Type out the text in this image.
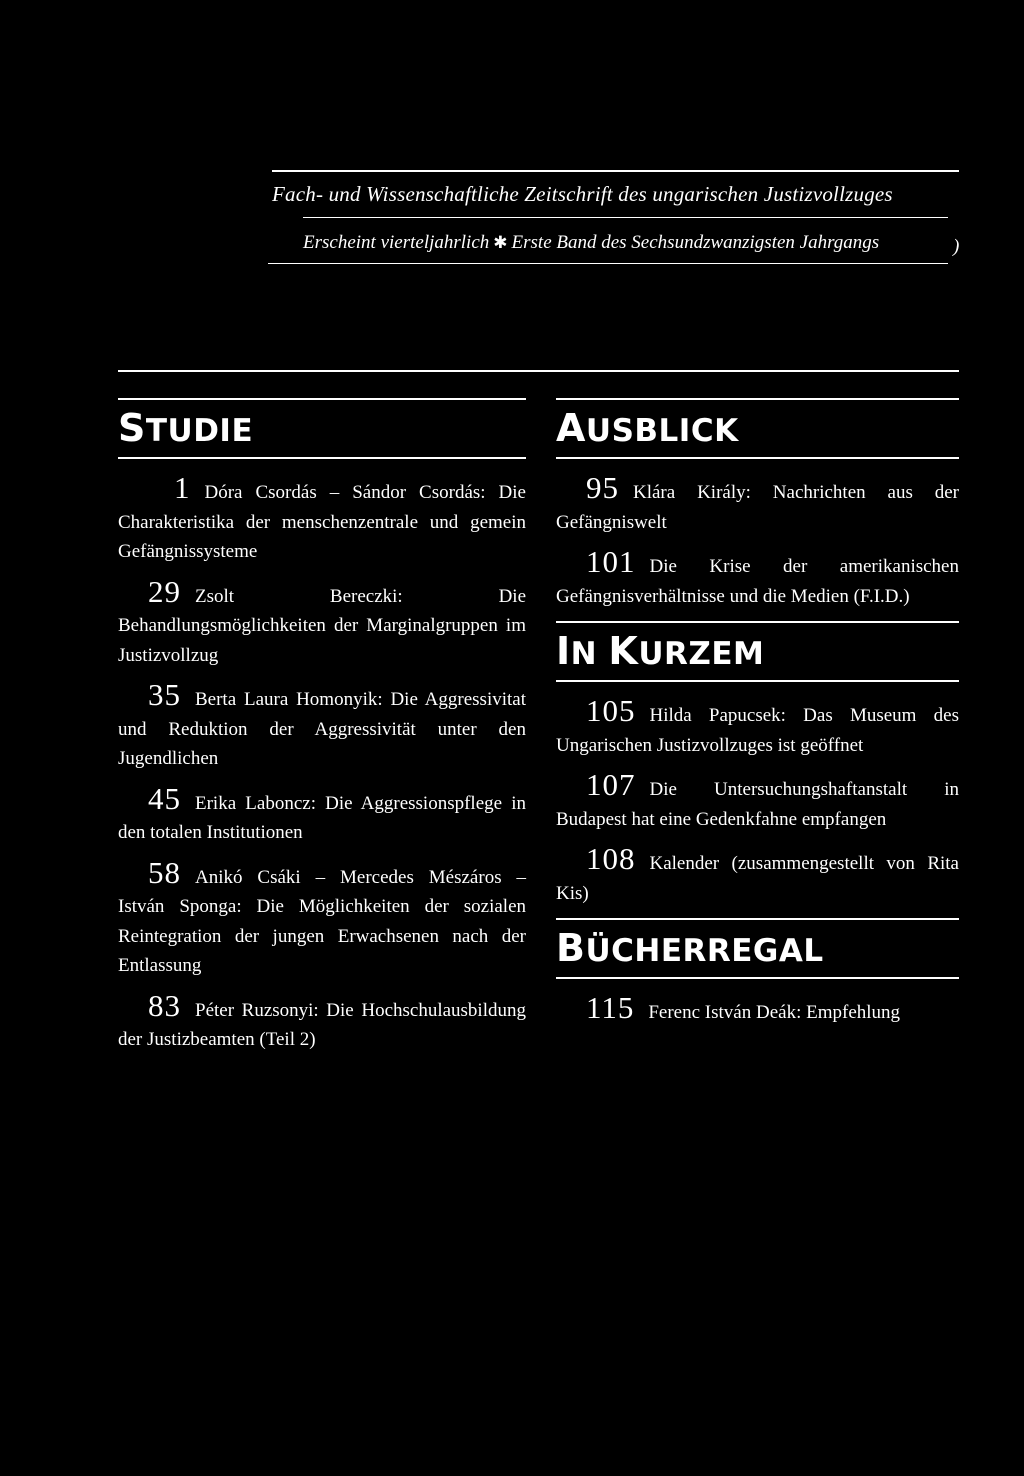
Fach- und Wissenschaftliche Zeitschrift des ungarischen Justizvollzuges
Erscheint vierteljahrlich ✱ Erste Band des Sechsundzwanzigsten Jahrgangs	)
STUDIE
1 Dóra Csordás – Sándor Csordás: Die Charakteristika der menschenzentrale und gemein Gefängnissysteme
29 Zsolt Bereczki: Die Behandlungsmöglichkeiten der Marginalgruppen im Justizvollzug
35 Berta Laura Homonyik: Die Aggressivitat und Reduktion der Aggressivität unter den Jugendlichen
45 Erika Laboncz: Die Aggressionspflege in den totalen Institutionen
58 Anikó Csáki – Mercedes Mészáros – István Sponga: Die Möglichkeiten der sozialen Reintegration der jungen Erwachsenen nach der Entlassung
83 Péter Ruzsonyi: Die Hochschulausbildung der Justizbeamten (Teil 2)
AUSBLICK
95 Klára Király: Nachrichten aus der Gefängniswelt
101 Die Krise der amerikanischen Gefängnisverhältnisse und die Medien (F.I.D.)
IN KURZEM
105 Hilda Papucsek: Das Museum des Ungarischen Justizvollzuges ist geöffnet
107 Die Untersuchungshaftanstalt in Budapest hat eine Gedenkfahne empfangen
108 Kalender (zusammengestellt von Rita Kis)
BÜCHERREGAL
115 Ferenc István Deák: Empfehlung
